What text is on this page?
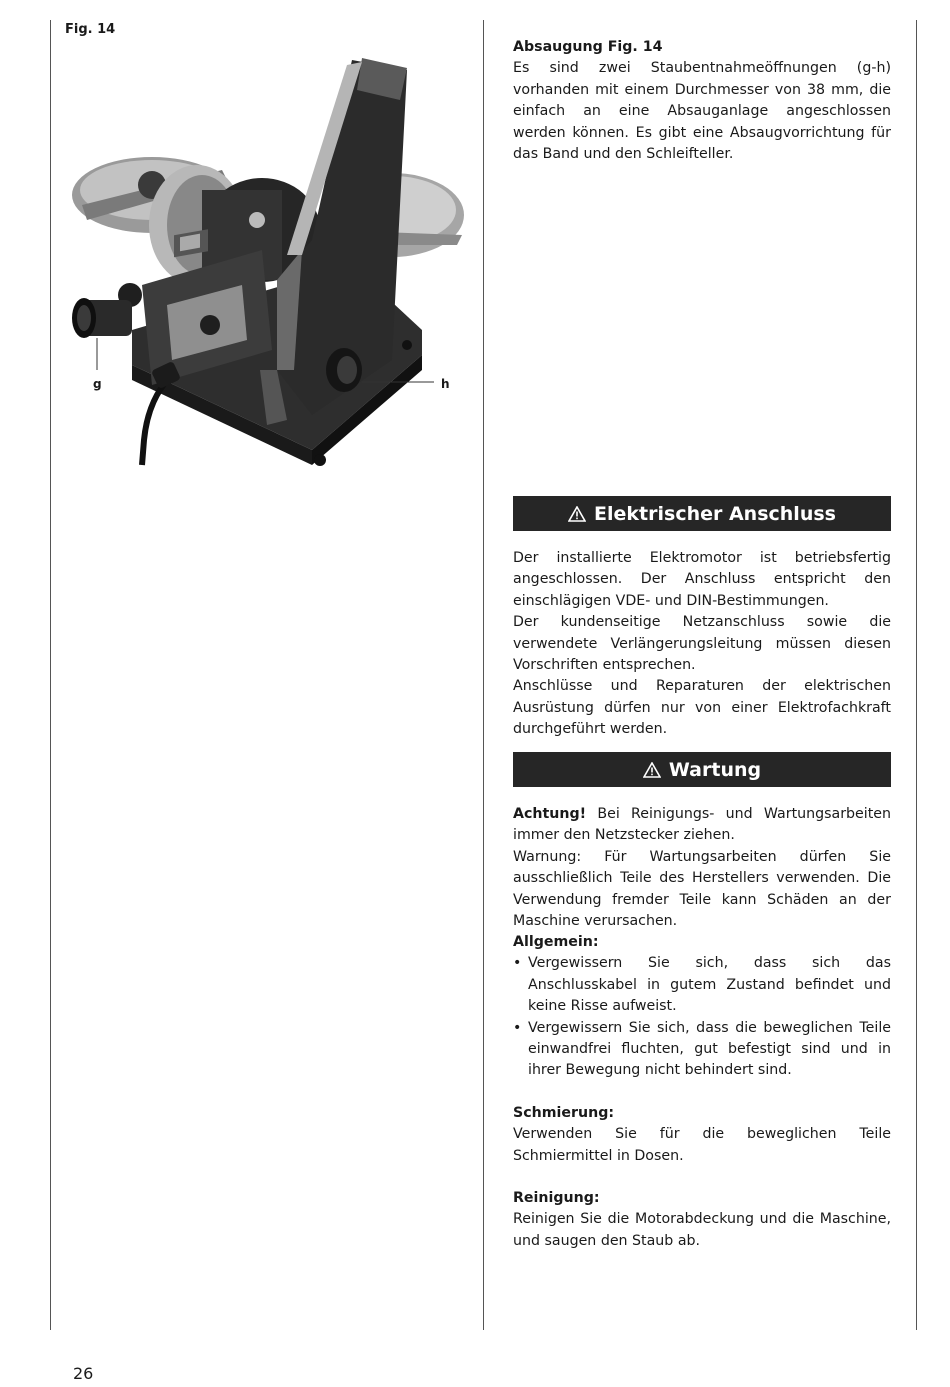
Fig. 14
g	h

Absaugung Fig. 14

Es sind zwei Staubentnahmeöffnungen (g-h) vorhanden mit einem Durchmesser von 38 mm, die einfach an eine Absauganlage angeschlossen werden können. Es gibt eine Absaugvorrichtung für das Band und den Schleifteller.

Elektrischer Anschluss

Der installierte Elektromotor ist betriebsfertig angeschlossen. Der Anschluss entspricht den einschlägigen VDE- und DIN-Bestimmungen.

Der kundenseitige Netzanschluss sowie die verwendete Verlängerungsleitung müssen diesen Vorschriften entsprechen.

Anschlüsse und Reparaturen der elektrischen Ausrüstung dürfen nur von einer Elektrofachkraft durchgeführt werden.

Wartung

Achtung! Bei Reinigungs- und Wartungsarbeiten immer den Netzstecker ziehen.

Warnung: Für Wartungsarbeiten dürfen Sie ausschließlich Teile des Herstellers verwenden. Die Verwendung fremder Teile kann Schäden an der Maschine verursachen.

Allgemein:

• Vergewissern Sie sich, dass sich das Anschlusskabel in gutem Zustand befindet und keine Risse aufweist.
• Vergewissern Sie sich, dass die beweglichen Teile einwandfrei fluchten, gut befestigt sind und in ihrer Bewegung nicht behindert sind.

Schmierung:

Verwenden Sie für die beweglichen Teile Schmiermittel in Dosen.

Reinigung:

Reinigen Sie die Motorabdeckung und die Maschine, und saugen den Staub ab.

26
